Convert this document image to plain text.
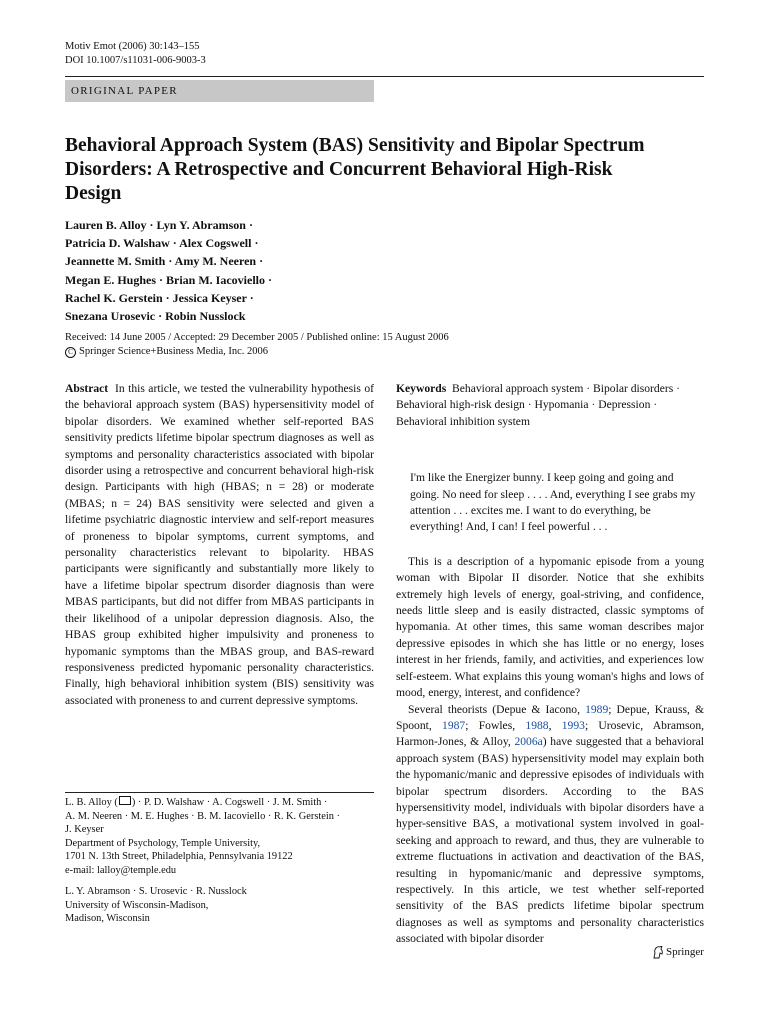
Motiv Emot (2006) 30:143–155
DOI 10.1007/s11031-006-9003-3
ORIGINAL PAPER
Behavioral Approach System (BAS) Sensitivity and Bipolar Spectrum Disorders: A Retrospective and Concurrent Behavioral High-Risk Design
Lauren B. Alloy · Lyn Y. Abramson ·
Patricia D. Walshaw · Alex Cogswell ·
Jeannette M. Smith · Amy M. Neeren ·
Megan E. Hughes · Brian M. Iacoviello ·
Rachel K. Gerstein · Jessica Keyser ·
Snezana Urosevic · Robin Nusslock
Received: 14 June 2005 / Accepted: 29 December 2005 / Published online: 15 August 2006
C Springer Science+Business Media, Inc. 2006

Abstract In this article, we tested the vulnerability hypothesis of the behavioral approach system (BAS) hypersensitivity model of bipolar disorders. We examined whether self-reported BAS sensitivity predicts lifetime bipolar spectrum diagnoses as well as symptoms and personality characteristics associated with bipolar disorder using a retrospective and concurrent behavioral high-risk design. Participants with high (HBAS; n = 28) or moderate (MBAS; n = 24) BAS sensitivity were selected and given a lifetime psychiatric diagnostic interview and self-report measures of proneness to bipolar symptoms, current symptoms, and personality characteristics relevant to bipolarity. HBAS participants were significantly and substantially more likely to have a lifetime bipolar spectrum disorder diagnosis than were MBAS participants, but did not differ from MBAS participants in their likelihood of a unipolar depression diagnosis. Also, the HBAS group exhibited higher impulsivity and proneness to hypomanic symptoms than the MBAS group, and BAS-reward responsiveness predicted hypomanic personality characteristics. Finally, high behavioral inhibition system (BIS) sensitivity was associated with proneness to and current depressive symptoms.

L. B. Alloy ( ) · P. D. Walshaw · A. Cogswell · J. M. Smith ·

A. M. Neeren · M. E. Hughes · B. M. Iacoviello · R. K. Gerstein ·

J. Keyser

Department of Psychology, Temple University,

1701 N. 13th Street, Philadelphia, Pennsylvania 19122

e-mail: lalloy@temple.edu

L. Y. Abramson · S. Urosevic · R. Nusslock

University of Wisconsin-Madison,

Madison, Wisconsin

Keywords Behavioral approach system · Bipolar disorders · Behavioral high-risk design · Hypomania · Depression · Behavioral inhibition system

I'm like the Energizer bunny. I keep going and going and going. No need for sleep . . . . And, everything I see grabs my attention . . . excites me. I want to do everything, be everything! And, I can! I feel powerful . . .

This is a description of a hypomanic episode from a young woman with Bipolar II disorder. Notice that she exhibits extremely high levels of energy, goal-striving, and confidence, needs little sleep and is easily distracted, classic symptoms of hypomania. At other times, this same woman describes major depressive episodes in which she has little or no energy, loses interest in her friends, family, and activities, and experiences low self-esteem. What explains this young woman's highs and lows of mood, energy, interest, and confidence?

Several theorists (Depue & Iacono, 1989; Depue, Krauss, & Spoont, 1987; Fowles, 1988, 1993; Urosevic, Abramson, Harmon-Jones, & Alloy, 2006a) have suggested that a behavioral approach system (BAS) hypersensitivity model may explain both the hypomanic/manic and depressive episodes of individuals with bipolar spectrum disorders. According to the BAS hypersensitivity model, individuals with bipolar disorders have a hyper-sensitive BAS, a motivational system involved in goal-seeking and approach to reward, and thus, they are vulnerable to extreme fluctuations in activation and deactivation of the BAS, resulting in hypomanic/manic and depressive symptoms, respectively. In this article, we test whether self-reported sensitivity of the BAS predicts lifetime bipolar spectrum diagnoses as well as symptoms and personality characteristics associated with bipolar disorder

Springer
